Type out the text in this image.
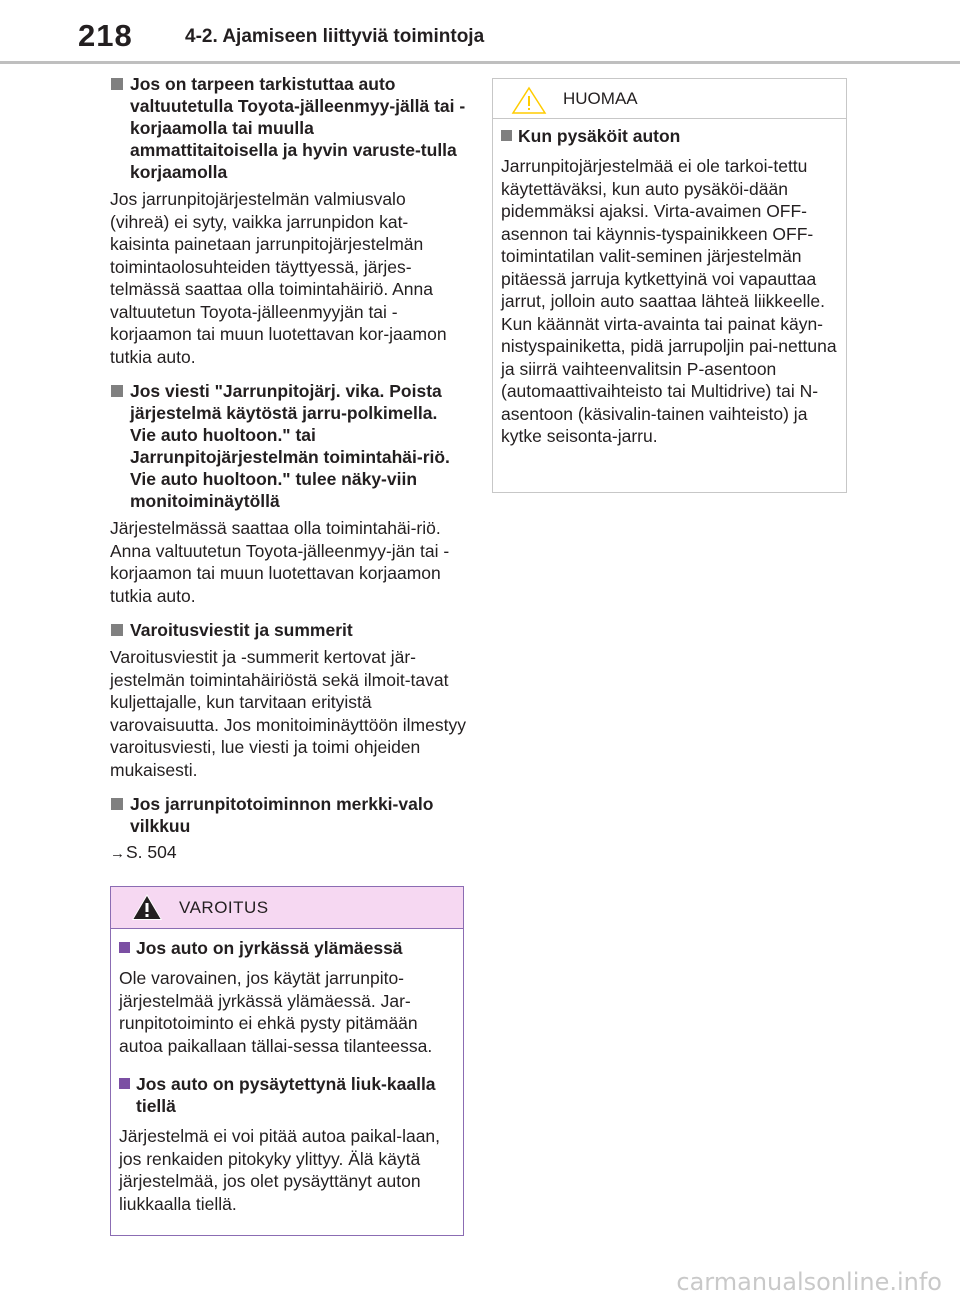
218	4-2. Ajamiseen liittyviä toimintoja
Jos on tarpeen tarkistuttaa auto valtuutetulla Toyota-jälleenmyy-jällä tai -korjaamolla tai muulla ammattitaitoisella ja hyvin varuste-tulla korjaamolla
Jos jarrunpitojärjestelmän valmiusvalo (vihreä) ei syty, vaikka jarrunpidon kat-kaisinta painetaan jarrunpitojärjestelmän toimintaolosuhteiden täyttyessä, järjes-telmässä saattaa olla toimintahäiriö. Anna valtuutetun Toyota-jälleenmyyjän tai -korjaamon tai muun luotettavan kor-jaamon tutkia auto.
Jos viesti "Jarrunpitojärj. vika. Poista järjestelmä käytöstä jarru-polkimella. Vie auto huoltoon." tai Jarrunpitojärjestelmän toimintahäi-riö. Vie auto huoltoon." tulee näky-viin monitoiminäytöllä
Järjestelmässä saattaa olla toimintahäi-riö. Anna valtuutetun Toyota-jälleenmyy-jän tai -korjaamon tai muun luotettavan korjaamon tutkia auto.
Varoitusviestit ja summerit
Varoitusviestit ja -summerit kertovat jär-jestelmän toimintahäiriöstä sekä ilmoit-tavat kuljettajalle, kun tarvitaan erityistä varovaisuutta. Jos monitoiminäyttöön ilmestyy varoitusviesti, lue viesti ja toimi ohjeiden mukaisesti.
Jos jarrunpitotoiminnon merkki-valo vilkkuu
→S. 504
VAROITUS
Jos auto on jyrkässä ylämäessä
Ole varovainen, jos käytät jarrunpito-järjestelmää jyrkässä ylämäessä. Jar-runpitotoiminto ei ehkä pysty pitämään autoa paikallaan tällai-sessa tilanteessa.
Jos auto on pysäytettynä liuk-kaalla tiellä
Järjestelmä ei voi pitää autoa paikal-laan, jos renkaiden pitokyky ylittyy. Älä käytä järjestelmää, jos olet pysäyttänyt auton liukkaalla tiellä.
HUOMAA
Kun pysäköit auton
Jarrunpitojärjestelmää ei ole tarkoi-tettu käytettäväksi, kun auto pysäköi-dään pidemmäksi ajaksi. Virta-avaimen OFF-asennon tai käynnis-tyspainikkeen OFF-toimintatilan valit-seminen järjestelmän pitäessä jarruja kytkettyinä voi vapauttaa jarrut, jolloin auto saattaa lähteä liikkeelle. Kun käännät virta-avainta tai painat käyn-nistyspainiketta, pidä jarrupoljin pai-nettuna ja siirrä vaihteenvalitsin P-asentoon (automaattivaihteisto tai Multidrive) tai N-asentoon (käsivalin-tainen vaihteisto) ja kytke seisonta-jarru.
carmanualsonline.info
